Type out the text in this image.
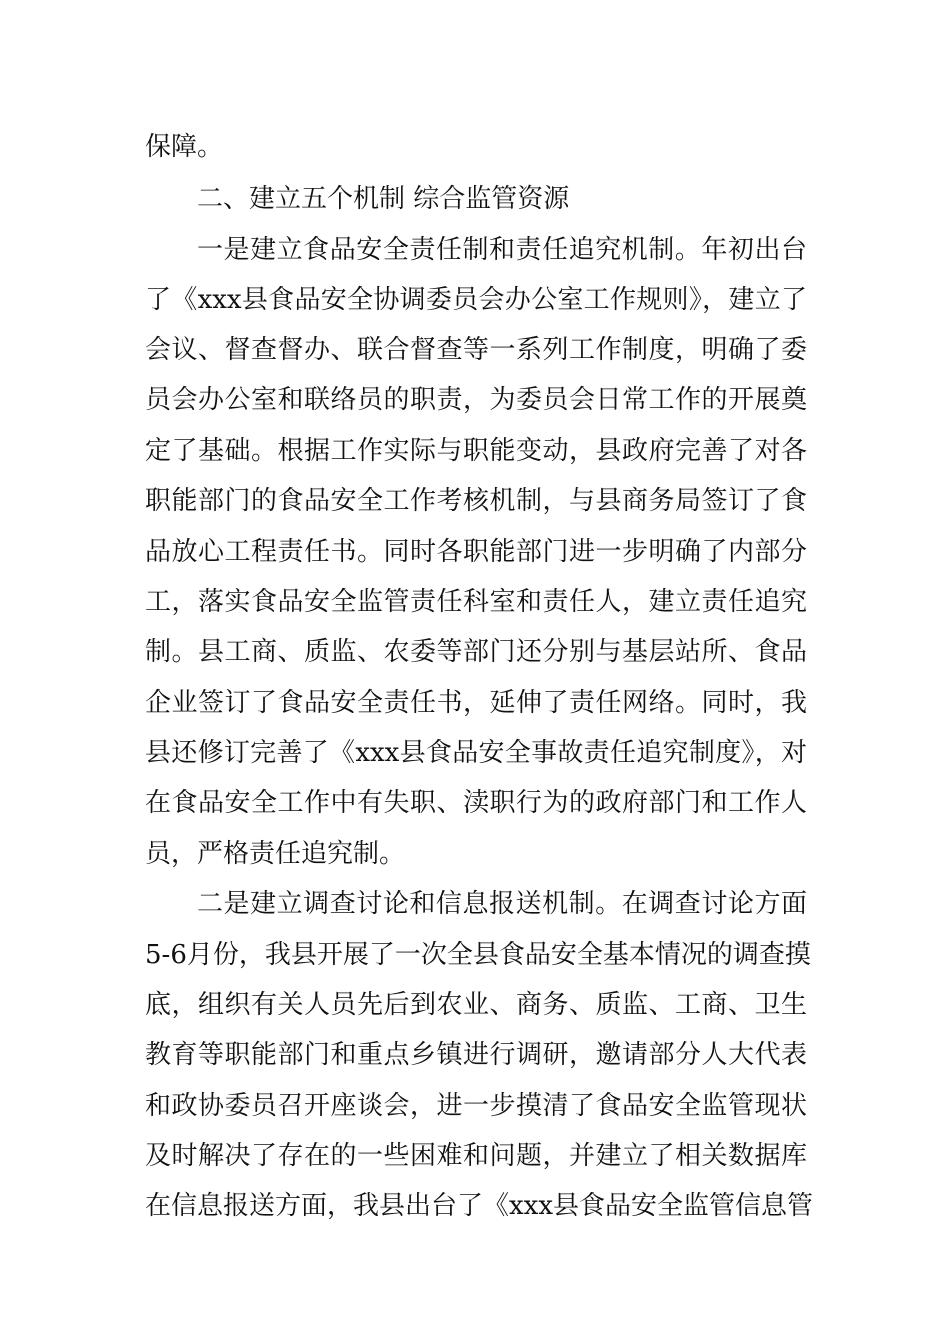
保障。
二、建立五个机制 综合监管资源
一是建立食品安全责任制和责任追究机制。年初出台
了《xxx县食品安全协调委员会办公室工作规则》，建立了
会议、督查督办、联合督查等一系列工作制度，明确了委
员会办公室和联络员的职责，为委员会日常工作的开展奠
定了基础。根据工作实际与职能变动，县政府完善了对各
职能部门的食品安全工作考核机制，与县商务局签订了食
品放心工程责任书。同时各职能部门进一步明确了内部分
工，落实食品安全监管责任科室和责任人，建立责任追究
制。县工商、质监、农委等部门还分别与基层站所、食品
企业签订了食品安全责任书，延伸了责任网络。同时，我
县还修订完善了《xxx县食品安全事故责任追究制度》，对
在食品安全工作中有失职、渎职行为的政府部门和工作人
员，严格责任追究制。
二是建立调查讨论和信息报送机制。在调查讨论方面
5-6月份，我县开展了一次全县食品安全基本情况的调查摸
底，组织有关人员先后到农业、商务、质监、工商、卫生
教育等职能部门和重点乡镇进行调研，邀请部分人大代表
和政协委员召开座谈会，进一步摸清了食品安全监管现状
及时解决了存在的一些困难和问题，并建立了相关数据库
在信息报送方面，我县出台了《xxx县食品安全监管信息管
